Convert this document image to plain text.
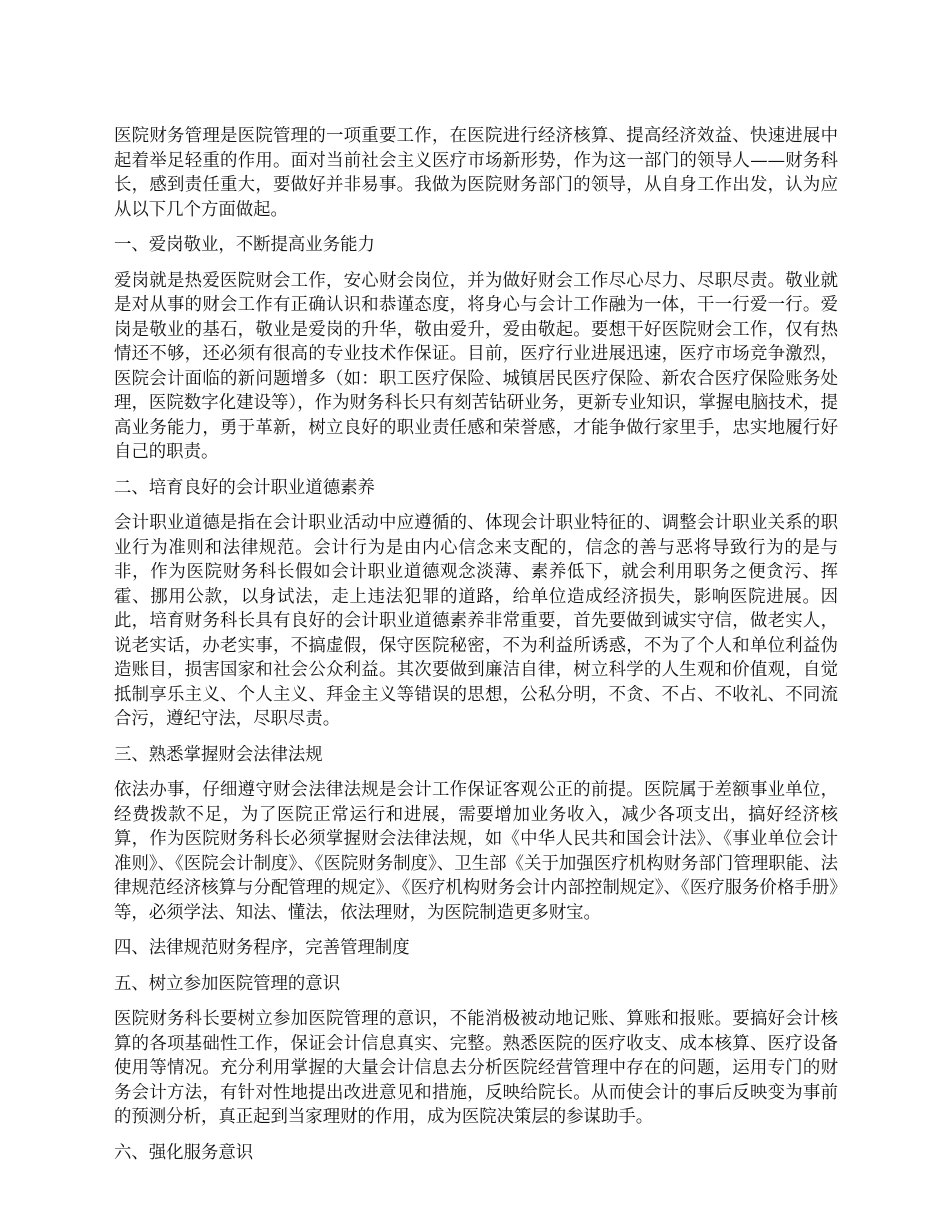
医院财务管理是医院管理的一项重要工作，在医院进行经济核算、提高经济效益、快速进展中起着举足轻重的作用。面对当前社会主义医疗市场新形势，作为这一部门的领导人——财务科长，感到责任重大，要做好并非易事。我做为医院财务部门的领导，从自身工作出发，认为应从以下几个方面做起。

一、爱岗敬业，不断提高业务能力

爱岗就是热爱医院财会工作，安心财会岗位，并为做好财会工作尽心尽力、尽职尽责。敬业就是对从事的财会工作有正确认识和恭谨态度，将身心与会计工作融为一体，干一行爱一行。爱岗是敬业的基石，敬业是爱岗的升华，敬由爱升，爱由敬起。要想干好医院财会工作，仅有热情还不够，还必须有很高的专业技术作保证。目前，医疗行业进展迅速，医疗市场竞争激烈，医院会计面临的新问题增多（如：职工医疗保险、城镇居民医疗保险、新农合医疗保险账务处理，医院数字化建设等），作为财务科长只有刻苦钻研业务，更新专业知识，掌握电脑技术，提高业务能力，勇于革新，树立良好的职业责任感和荣誉感，才能争做行家里手，忠实地履行好自己的职责。

二、培育良好的会计职业道德素养

会计职业道德是指在会计职业活动中应遵循的、体现会计职业特征的、调整会计职业关系的职业行为准则和法律规范。会计行为是由内心信念来支配的，信念的善与恶将导致行为的是与非，作为医院财务科长假如会计职业道德观念淡薄、素养低下，就会利用职务之便贪污、挥霍、挪用公款，以身试法，走上违法犯罪的道路，给单位造成经济损失，影响医院进展。因此，培育财务科长具有良好的会计职业道德素养非常重要，首先要做到诚实守信，做老实人，说老实话，办老实事，不搞虚假，保守医院秘密，不为利益所诱惑，不为了个人和单位利益伪造账目，损害国家和社会公众利益。其次要做到廉洁自律，树立科学的人生观和价值观，自觉抵制享乐主义、个人主义、拜金主义等错误的思想，公私分明，不贪、不占、不收礼、不同流合污，遵纪守法，尽职尽责。

三、熟悉掌握财会法律法规

依法办事，仔细遵守财会法律法规是会计工作保证客观公正的前提。医院属于差额事业单位，经费拨款不足，为了医院正常运行和进展，需要增加业务收入，减少各项支出，搞好经济核算，作为医院财务科长必须掌握财会法律法规，如《中华人民共和国会计法》、《事业单位会计准则》、《医院会计制度》、《医院财务制度》、卫生部《关于加强医疗机构财务部门管理职能、法律规范经济核算与分配管理的规定》、《医疗机构财务会计内部控制规定》、《医疗服务价格手册》等，必须学法、知法、懂法，依法理财，为医院制造更多财宝。

四、法律规范财务程序，完善管理制度

五、树立参加医院管理的意识

医院财务科长要树立参加医院管理的意识，不能消极被动地记账、算账和报账。要搞好会计核算的各项基础性工作，保证会计信息真实、完整。熟悉医院的医疗收支、成本核算、医疗设备使用等情况。充分利用掌握的大量会计信息去分析医院经营管理中存在的问题，运用专门的财务会计方法，有针对性地提出改进意见和措施，反映给院长。从而使会计的事后反映变为事前的预测分析，真正起到当家理财的作用，成为医院决策层的参谋助手。

六、强化服务意识
